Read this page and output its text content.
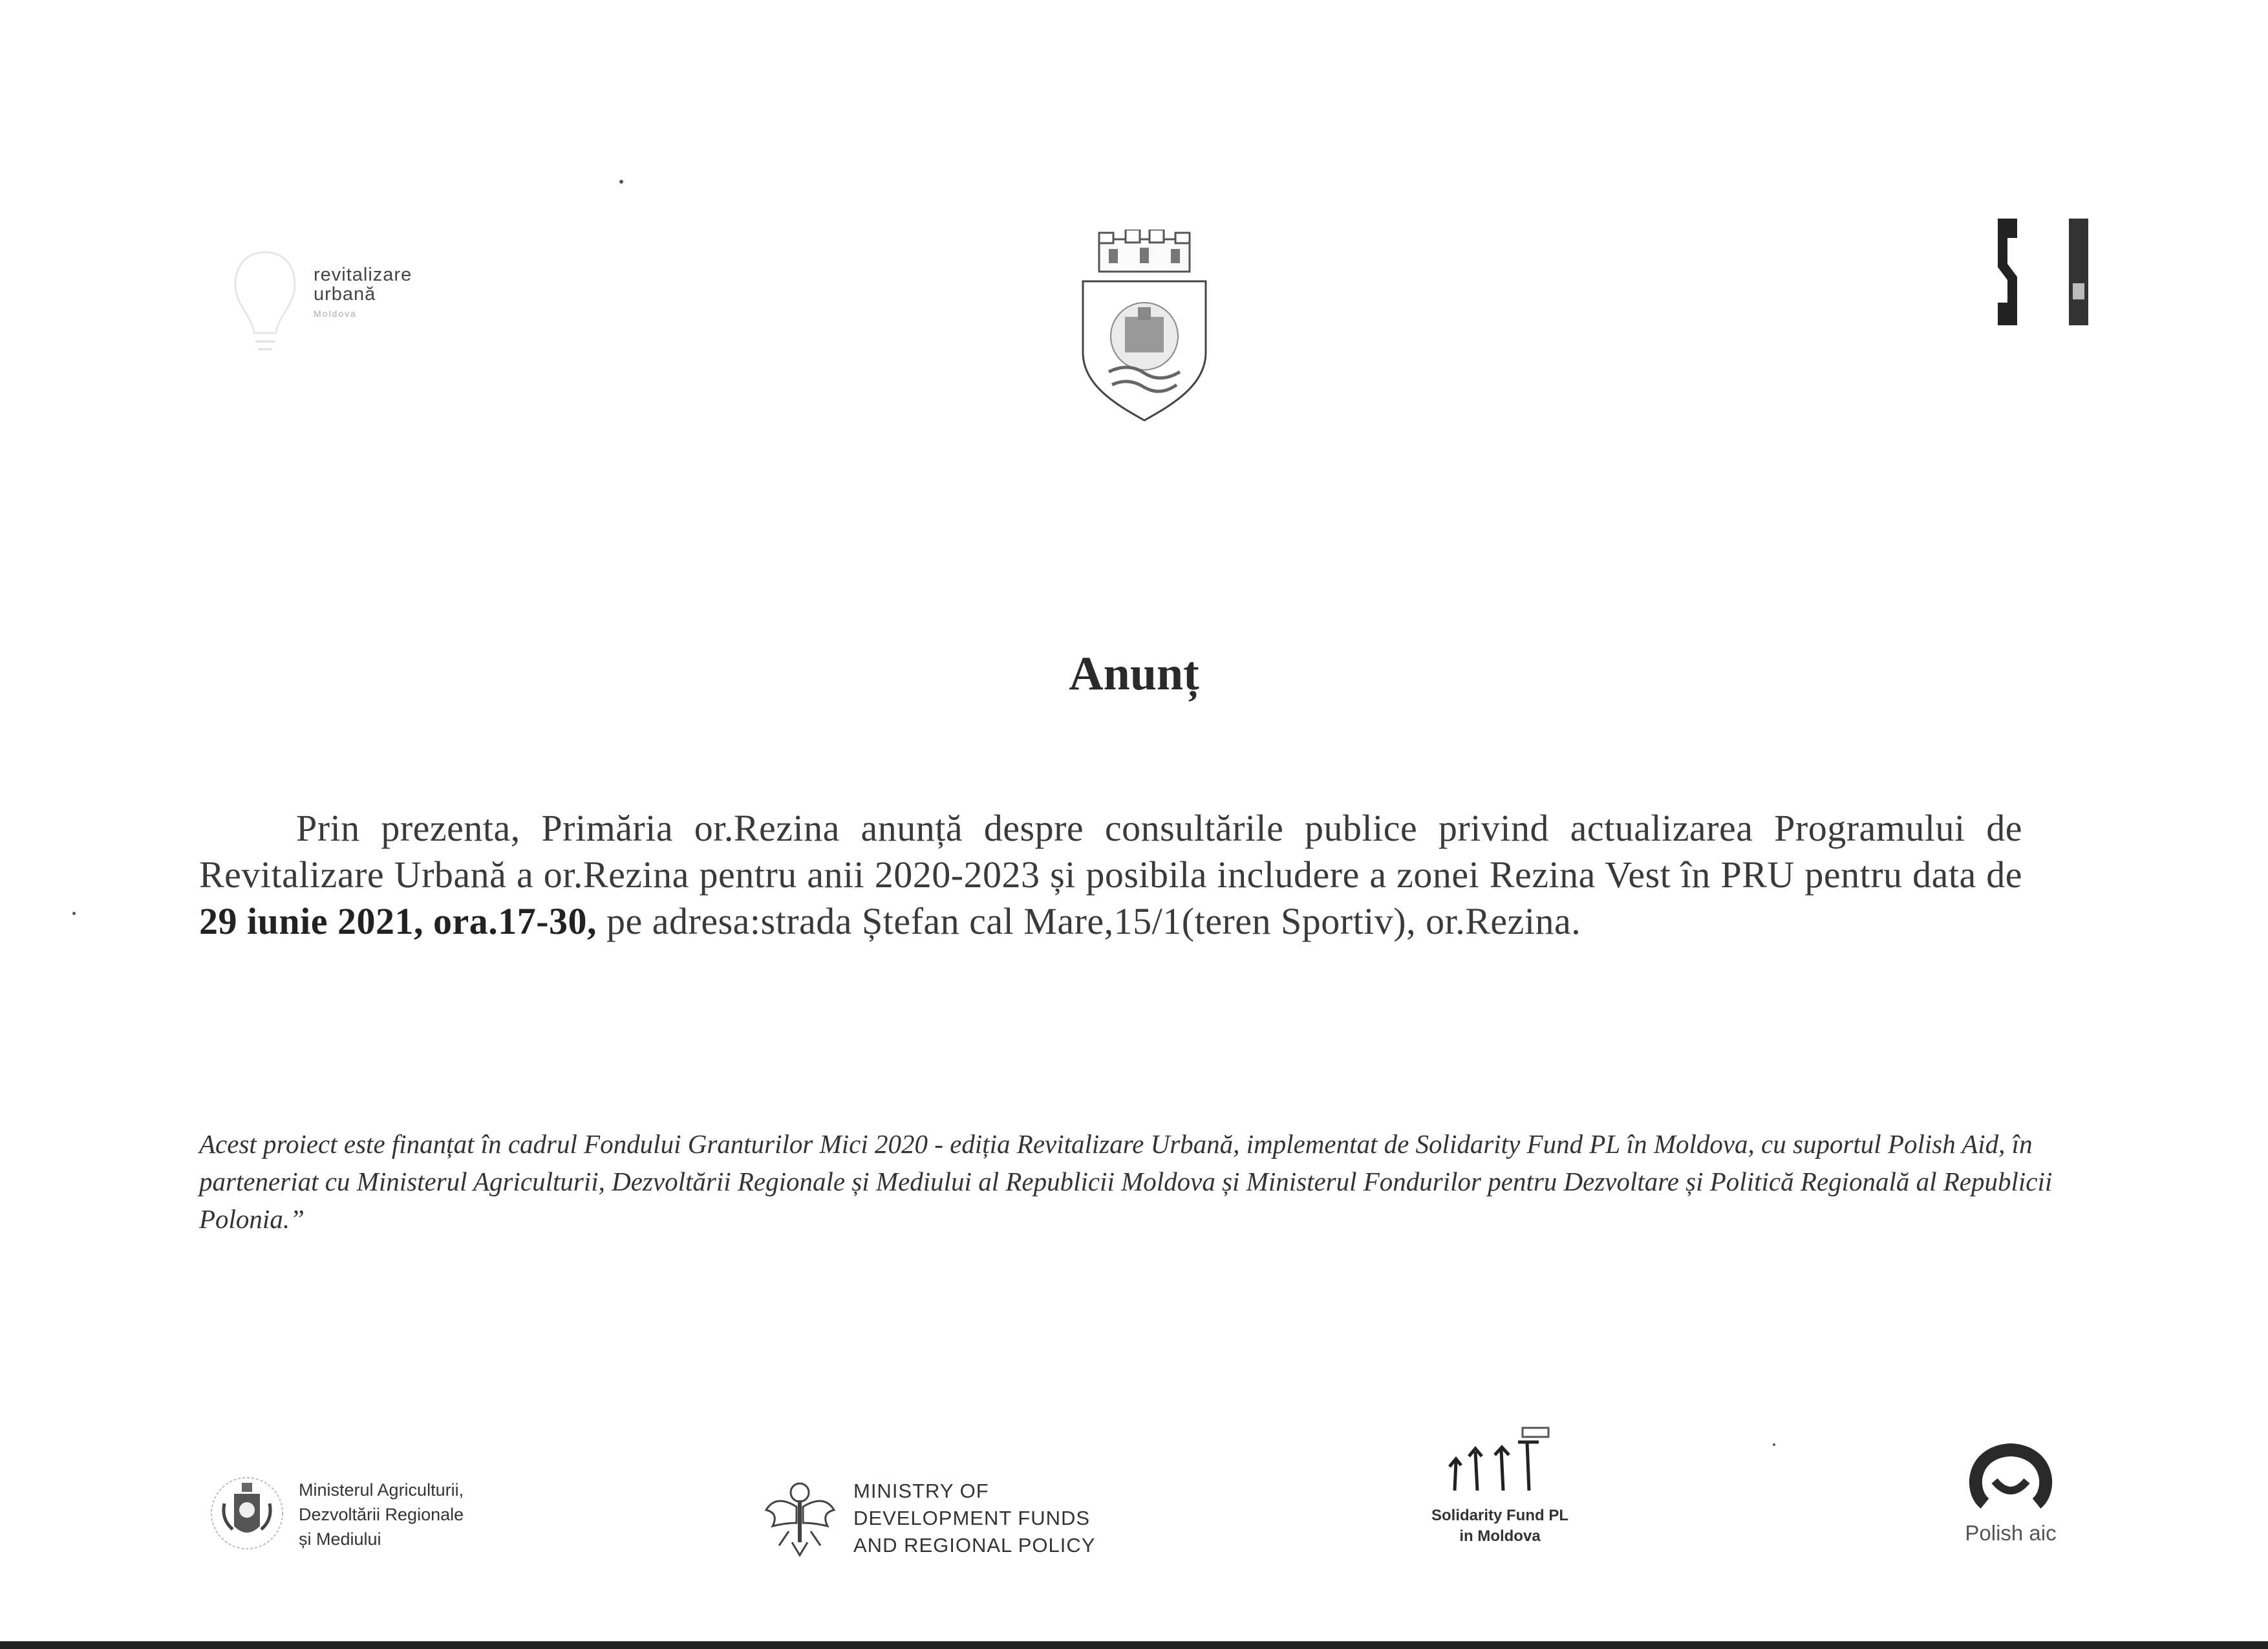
revitalizare
urbană
Moldova
Anunț
Prin prezenta, Primăria or.Rezina anunță despre consultările publice privind actualizarea Programului de Revitalizare Urbană a or.Rezina pentru anii 2020-2023 și posibila includere a zonei Rezina Vest în PRU pentru data de 29 iunie 2021, ora.17-30, pe adresa:strada Ștefan cal Mare,15/1(teren Sportiv), or.Rezina.
Acest proiect este finanțat în cadrul Fondului Granturilor Mici 2020 - ediția Revitalizare Urbană, implementat de Solidarity Fund PL în Moldova, cu suportul Polish Aid, în parteneriat cu Ministerul Agriculturii, Dezvoltării Regionale și Mediului al Republicii Moldova și Ministerul Fondurilor pentru Dezvoltare și Politică Regională al Republicii Polonia.”
Ministerul Agriculturii,
Dezvoltării Regionale
și Mediului
MINISTRY OF
DEVELOPMENT FUNDS
AND REGIONAL POLICY
Solidarity Fund PL
in Moldova	Polish aic
